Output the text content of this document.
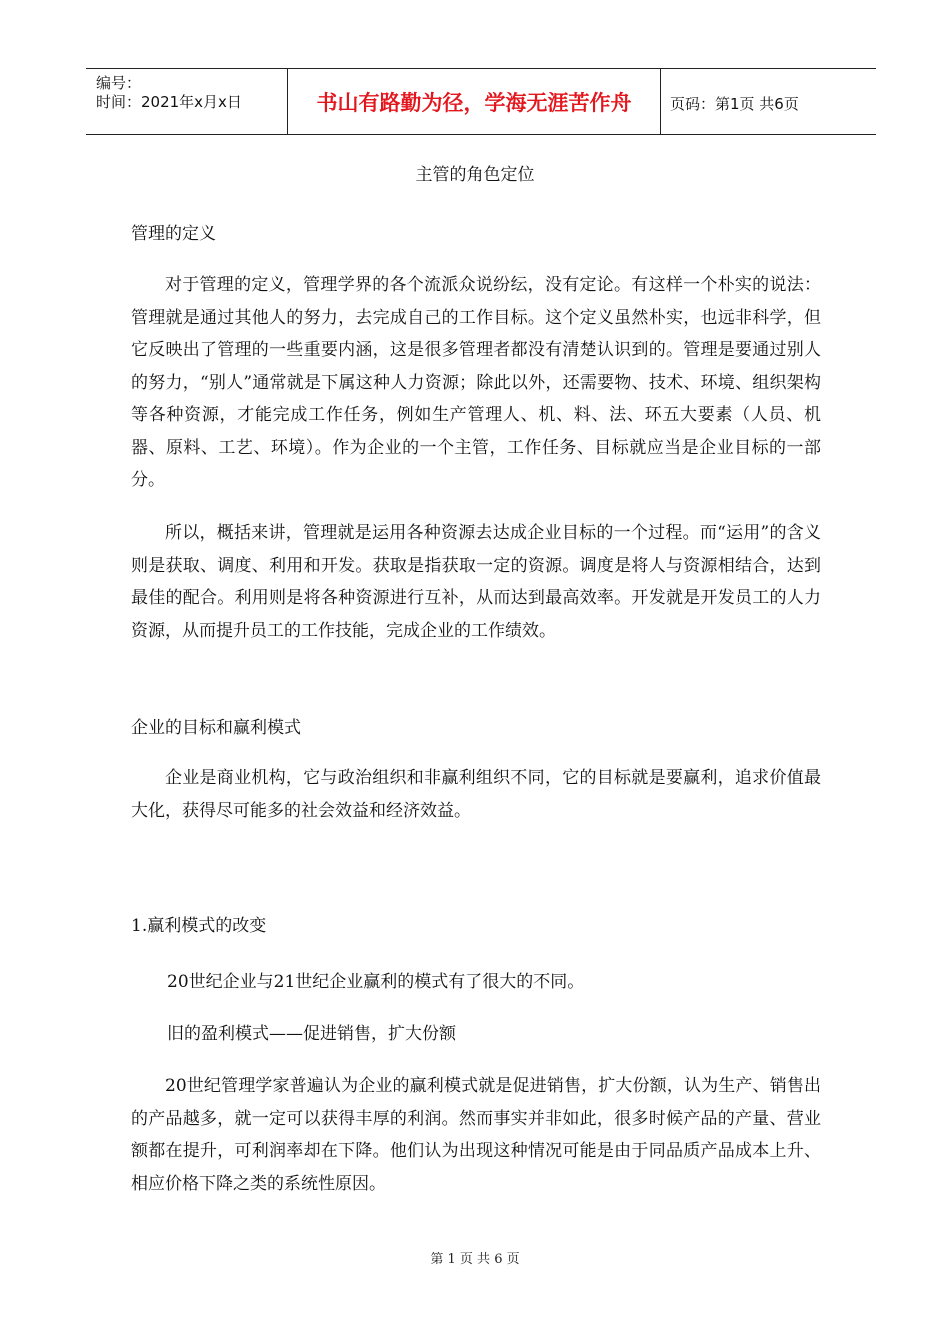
编号：
时间：2021年x月x日	书山有路勤为径，学海无涯苦作舟	页码：第1页 共6页
主管的角色定位
管理的定义
对于管理的定义，管理学界的各个流派众说纷纭，没有定论。有这样一个朴实的说法：管理就是通过其他人的努力，去完成自己的工作目标。这个定义虽然朴实，也远非科学，但它反映出了管理的一些重要内涵，这是很多管理者都没有清楚认识到的。管理是要通过别人的努力，“别人”通常就是下属这种人力资源；除此以外，还需要物、技术、环境、组织架构等各种资源，才能完成工作任务，例如生产管理人、机、料、法、环五大要素（人员、机器、原料、工艺、环境）。作为企业的一个主管，工作任务、目标就应当是企业目标的一部分。
所以，概括来讲，管理就是运用各种资源去达成企业目标的一个过程。而“运用”的含义则是获取、调度、利用和开发。获取是指获取一定的资源。调度是将人与资源相结合，达到最佳的配合。利用则是将各种资源进行互补，从而达到最高效率。开发就是开发员工的人力资源，从而提升员工的工作技能，完成企业的工作绩效。
企业的目标和赢利模式
企业是商业机构，它与政治组织和非赢利组织不同，它的目标就是要赢利，追求价值最大化，获得尽可能多的社会效益和经济效益。
1.赢利模式的改变
20世纪企业与21世纪企业赢利的模式有了很大的不同。
旧的盈利模式——促进销售，扩大份额
20世纪管理学家普遍认为企业的赢利模式就是促进销售，扩大份额，认为生产、销售出的产品越多，就一定可以获得丰厚的利润。然而事实并非如此，很多时候产品的产量、营业额都在提升，可利润率却在下降。他们认为出现这种情况可能是由于同品质产品成本上升、相应价格下降之类的系统性原因。
第 1 页 共 6 页
